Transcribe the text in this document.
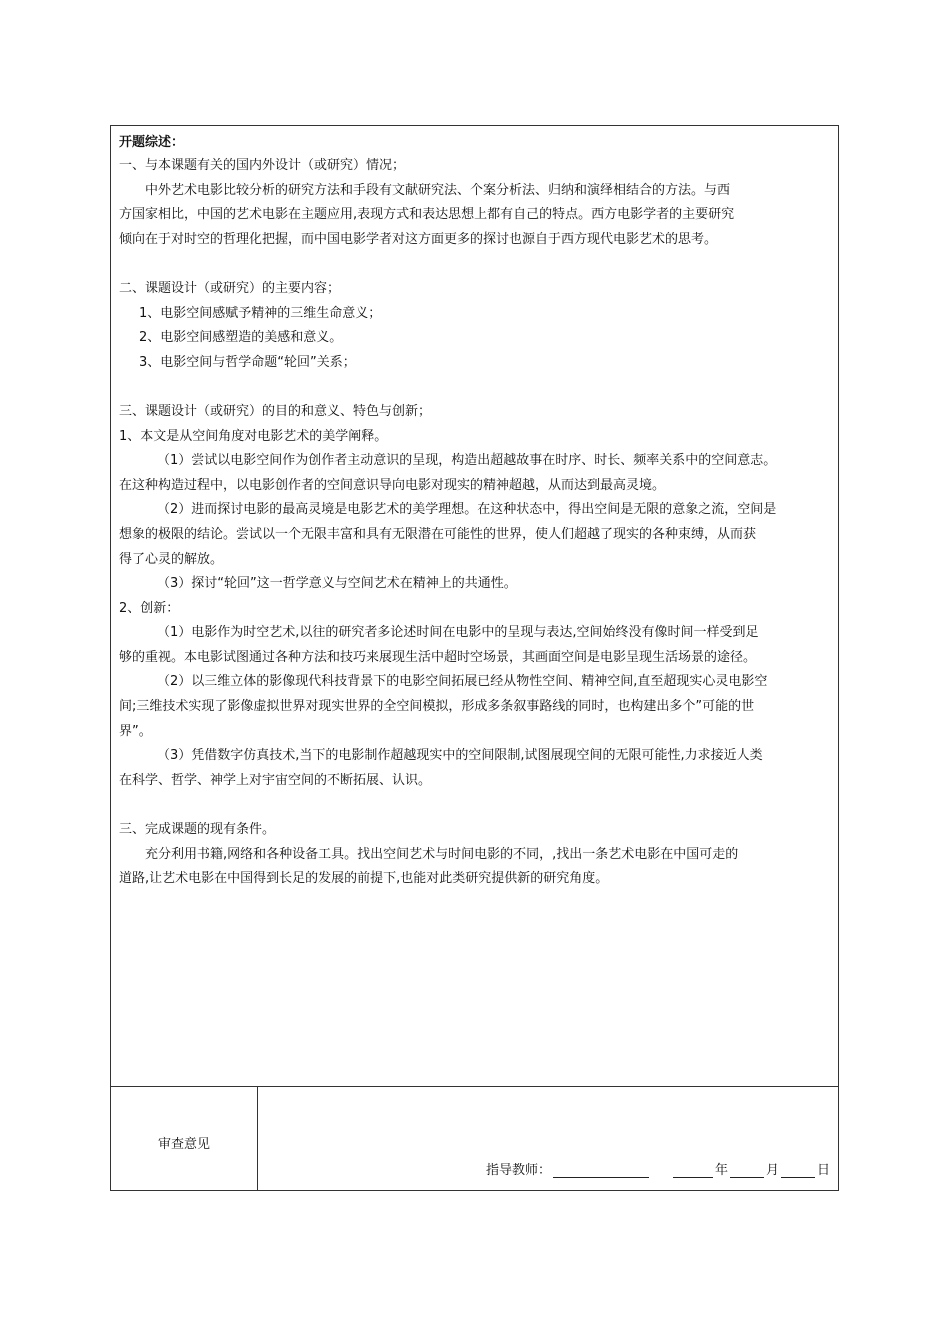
开题综述：
一、与本课题有关的国内外设计（或研究）情况；
中外艺术电影比较分析的研究方法和手段有文献研究法、个案分析法、归纳和演绎相结合的方法。与西
方国家相比，中国的艺术电影在主题应用,表现方式和表达思想上都有自己的特点。西方电影学者的主要研究
倾向在于对时空的哲理化把握，而中国电影学者对这方面更多的探讨也源自于西方现代电影艺术的思考。
二、课题设计（或研究）的主要内容；
1、电影空间感赋予精神的三维生命意义；
2、电影空间感塑造的美感和意义。
3、电影空间与哲学命题“轮回”关系；
三、课题设计（或研究）的目的和意义、特色与创新；
1、本文是从空间角度对电影艺术的美学阐释。
（1）尝试以电影空间作为创作者主动意识的呈现，构造出超越故事在时序、时长、频率关系中的空间意志。
在这种构造过程中，以电影创作者的空间意识导向电影对现实的精神超越，从而达到最高灵境。
（2）进而探讨电影的最高灵境是电影艺术的美学理想。在这种状态中，得出空间是无限的意象之流，空间是
想象的极限的结论。尝试以一个无限丰富和具有无限潜在可能性的世界，使人们超越了现实的各种束缚，从而获
得了心灵的解放。
（3）探讨“轮回”这一哲学意义与空间艺术在精神上的共通性。
2、创新：
（1）电影作为时空艺术,以往的研究者多论述时间在电影中的呈现与表达,空间始终没有像时间一样受到足
够的重视。本电影试图通过各种方法和技巧来展现生活中超时空场景，其画面空间是电影呈现生活场景的途径。
（2）以三维立体的影像现代科技背景下的电影空间拓展已经从物性空间、精神空间,直至超现实心灵电影空
间;三维技术实现了影像虚拟世界对现实世界的全空间模拟，形成多条叙事路线的同时，也构建出多个”可能的世
界”。
（3）凭借数字仿真技术,当下的电影制作超越现实中的空间限制,试图展现空间的无限可能性,力求接近人类
在科学、哲学、神学上对宇宙空间的不断拓展、认识。
三、完成课题的现有条件。
充分利用书籍,网络和各种设备工具。找出空间艺术与时间电影的不同，,找出一条艺术电影在中国可走的
道路,让艺术电影在中国得到长足的发展的前提下,也能对此类研究提供新的研究角度。
审查意见
指导教师：	年	月	日
